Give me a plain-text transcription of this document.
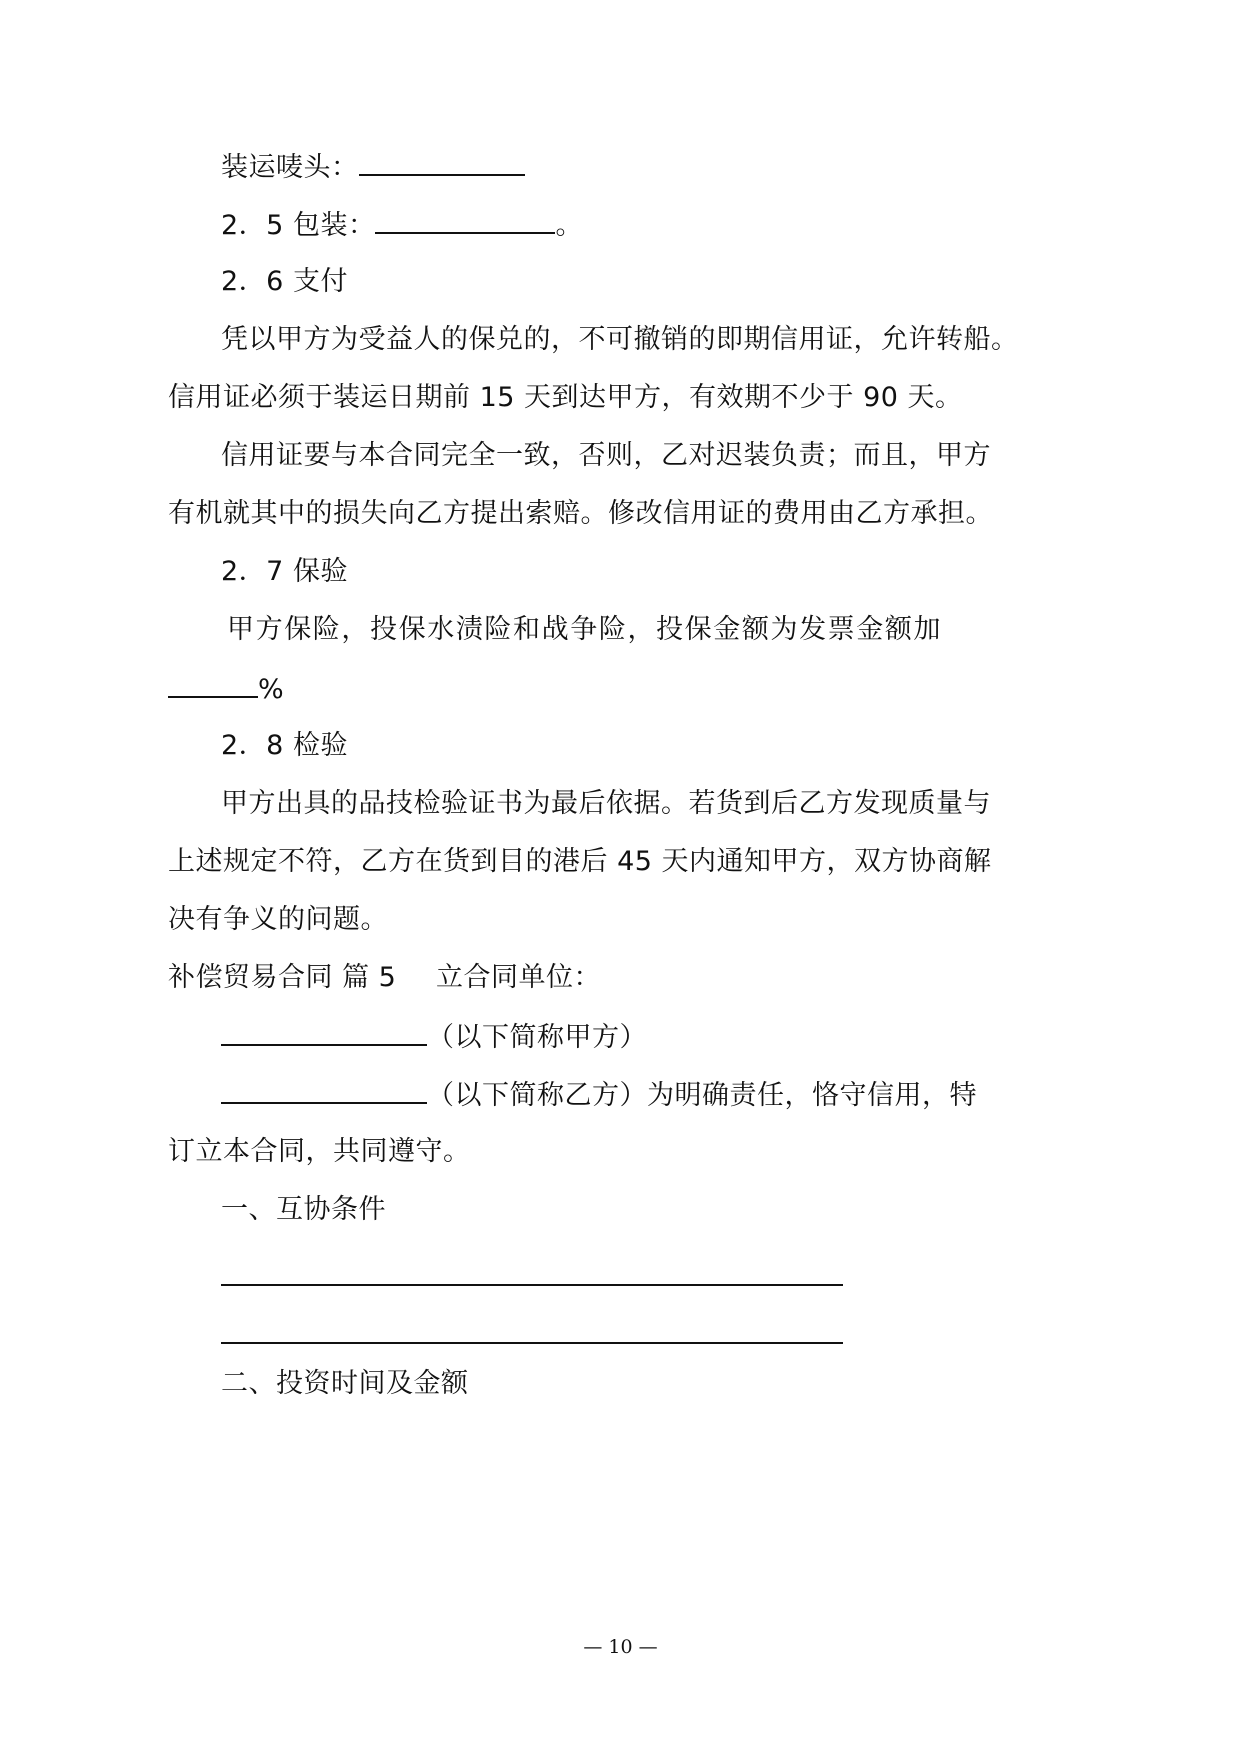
装运唛头：
2．5 包装：	。
2．6 支付
凭以甲方为受益人的保兑的，不可撤销的即期信用证，允许转船。
信用证必须于装运日期前 15 天到达甲方，有效期不少于 90 天。
信用证要与本合同完全一致，否则，乙对迟装负责；而且，甲方
有机就其中的损失向乙方提出索赔。修改信用证的费用由乙方承担。
2．7 保验
甲方保险，投保水渍险和战争险，投保金额为发票金额加
%
2．8 检验
甲方出具的品技检验证书为最后依据。若货到后乙方发现质量与
上述规定不符，乙方在货到目的港后 45 天内通知甲方，双方协商解
决有争义的问题。
补偿贸易合同 篇 5 立合同单位：
（以下简称甲方）
（以下简称乙方）为明确责任，恪守信用，特
订立本合同，共同遵守。
一、互协条件
二、投资时间及金额
— 10 —
